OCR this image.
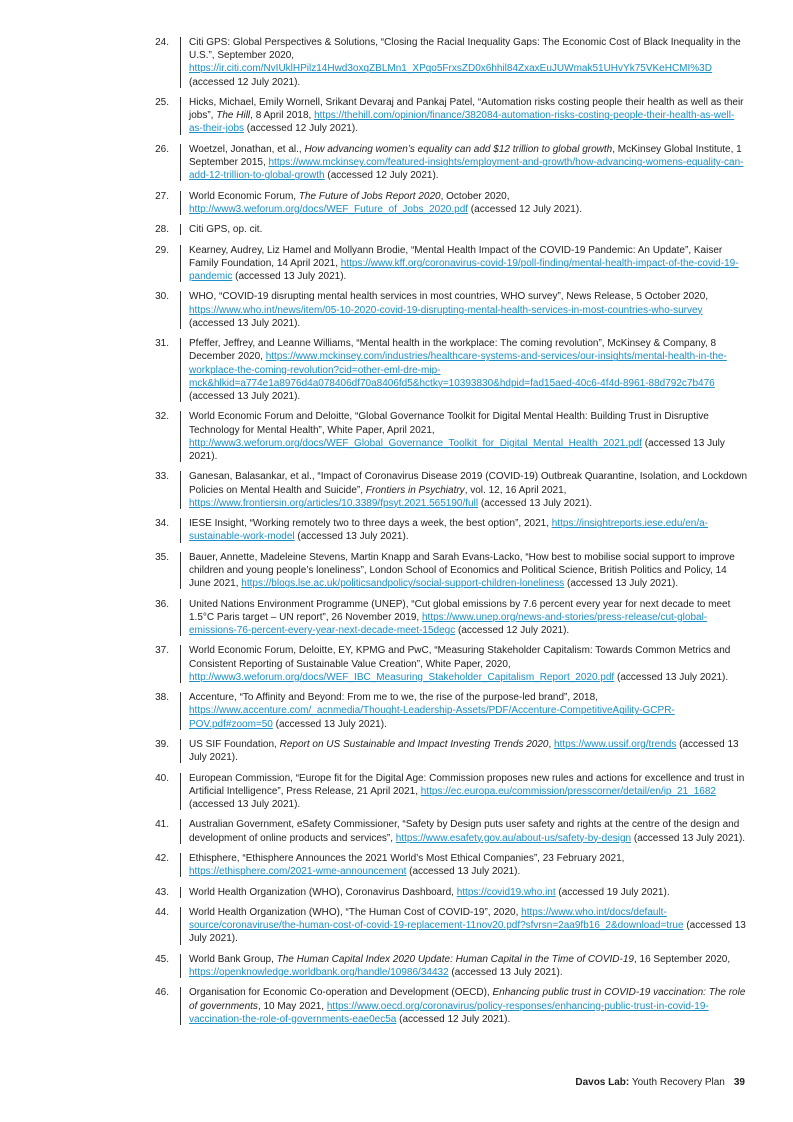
24. Citi GPS: Global Perspectives & Solutions, “Closing the Racial Inequality Gaps: The Economic Cost of Black Inequality in the U.S.”, September 2020, https://ir.citi.com/NvIUklHPilz14Hwd3oxqZBLMn1_XPqo5FrxsZD0x6hhil84ZxaxEuJUWmak51UHvYk75VKeHCMI%3D (accessed 12 July 2021).
25. Hicks, Michael, Emily Wornell, Srikant Devaraj and Pankaj Patel, “Automation risks costing people their health as well as their jobs”, The Hill, 8 April 2018, https://thehill.com/opinion/finance/382084-automation-risks-costing-people-their-health-as-well-as-their-jobs (accessed 12 July 2021).
26. Woetzel, Jonathan, et al., How advancing women’s equality can add $12 trillion to global growth, McKinsey Global Institute, 1 September 2015, https://www.mckinsey.com/featured-insights/employment-and-growth/how-advancing-womens-equality-can-add-12-trillion-to-global-growth (accessed 12 July 2021).
27. World Economic Forum, The Future of Jobs Report 2020, October 2020, http://www3.weforum.org/docs/WEF_Future_of_Jobs_2020.pdf (accessed 12 July 2021).
28. Citi GPS, op. cit.
29. Kearney, Audrey, Liz Hamel and Mollyann Brodie, “Mental Health Impact of the COVID-19 Pandemic: An Update”, Kaiser Family Foundation, 14 April 2021, https://www.kff.org/coronavirus-covid-19/poll-finding/mental-health-impact-of-the-covid-19-pandemic (accessed 13 July 2021).
30. WHO, “COVID-19 disrupting mental health services in most countries, WHO survey”, News Release, 5 October 2020, https://www.who.int/news/item/05-10-2020-covid-19-disrupting-mental-health-services-in-most-countries-who-survey (accessed 13 July 2021).
31. Pfeffer, Jeffrey, and Leanne Williams, “Mental health in the workplace: The coming revolution”, McKinsey & Company, 8 December 2020, https://www.mckinsey.com/industries/healthcare-systems-and-services/our-insights/mental-health-in-the-workplace-the-coming-revolution?cid=other-eml-dre-mip-mck&hlkid=a774e1a8976d4a078406df70a8406fd5&hctky=10393830&hdpid=fad15aed-40c6-4f4d-8961-88d792c7b476 (accessed 13 July 2021).
32. World Economic Forum and Deloitte, “Global Governance Toolkit for Digital Mental Health: Building Trust in Disruptive Technology for Mental Health”, White Paper, April 2021, http://www3.weforum.org/docs/WEF_Global_Governance_Toolkit_for_Digital_Mental_Health_2021.pdf (accessed 13 July 2021).
33. Ganesan, Balasankar, et al., “Impact of Coronavirus Disease 2019 (COVID-19) Outbreak Quarantine, Isolation, and Lockdown Policies on Mental Health and Suicide”, Frontiers in Psychiatry, vol. 12, 16 April 2021, https://www.frontiersin.org/articles/10.3389/fpsyt.2021.565190/full (accessed 13 July 2021).
34. IESE Insight, “Working remotely two to three days a week, the best option”, 2021, https://insightreports.iese.edu/en/a-sustainable-work-model (accessed 13 July 2021).
35. Bauer, Annette, Madeleine Stevens, Martin Knapp and Sarah Evans-Lacko, “How best to mobilise social support to improve children and young people’s loneliness”, London School of Economics and Political Science, British Politics and Policy, 14 June 2021, https://blogs.lse.ac.uk/politicsandpolicy/social-support-children-loneliness (accessed 13 July 2021).
36. United Nations Environment Programme (UNEP), “Cut global emissions by 7.6 percent every year for next decade to meet 1.5°C Paris target – UN report”, 26 November 2019, https://www.unep.org/news-and-stories/press-release/cut-global-emissions-76-percent-every-year-next-decade-meet-15degc (accessed 12 July 2021).
37. World Economic Forum, Deloitte, EY, KPMG and PwC, “Measuring Stakeholder Capitalism: Towards Common Metrics and Consistent Reporting of Sustainable Value Creation”, White Paper, 2020, http://www3.weforum.org/docs/WEF_IBC_Measuring_Stakeholder_Capitalism_Report_2020.pdf (accessed 13 July 2021).
38. Accenture, “To Affinity and Beyond: From me to we, the rise of the purpose-led brand”, 2018, https://www.accenture.com/_acnmedia/Thought-Leadership-Assets/PDF/Accenture-CompetitiveAgility-GCPR-POV.pdf#zoom=50 (accessed 13 July 2021).
39. US SIF Foundation, Report on US Sustainable and Impact Investing Trends 2020, https://www.ussif.org/trends (accessed 13 July 2021).
40. European Commission, “Europe fit for the Digital Age: Commission proposes new rules and actions for excellence and trust in Artificial Intelligence”, Press Release, 21 April 2021, https://ec.europa.eu/commission/presscorner/detail/en/ip_21_1682 (accessed 13 July 2021).
41. Australian Government, eSafety Commissioner, “Safety by Design puts user safety and rights at the centre of the design and development of online products and services”, https://www.esafety.gov.au/about-us/safety-by-design (accessed 13 July 2021).
42. Ethisphere, “Ethisphere Announces the 2021 World’s Most Ethical Companies”, 23 February 2021, https://ethisphere.com/2021-wme-announcement (accessed 13 July 2021).
43. World Health Organization (WHO), Coronavirus Dashboard, https://covid19.who.int (accessed 19 July 2021).
44. World Health Organization (WHO), “The Human Cost of COVID-19”, 2020, https://www.who.int/docs/default-source/coronaviruse/the-human-cost-of-covid-19-replacement-11nov20.pdf?sfvrsn=2aa9fb16_2&download=true (accessed 13 July 2021).
45. World Bank Group, The Human Capital Index 2020 Update: Human Capital in the Time of COVID-19, 16 September 2020, https://openknowledge.worldbank.org/handle/10986/34432 (accessed 13 July 2021).
46. Organisation for Economic Co-operation and Development (OECD), Enhancing public trust in COVID-19 vaccination: The role of governments, 10 May 2021, https://www.oecd.org/coronavirus/policy-responses/enhancing-public-trust-in-covid-19-vaccination-the-role-of-governments-eae0ec5a (accessed 12 July 2021).
Davos Lab: Youth Recovery Plan 39
